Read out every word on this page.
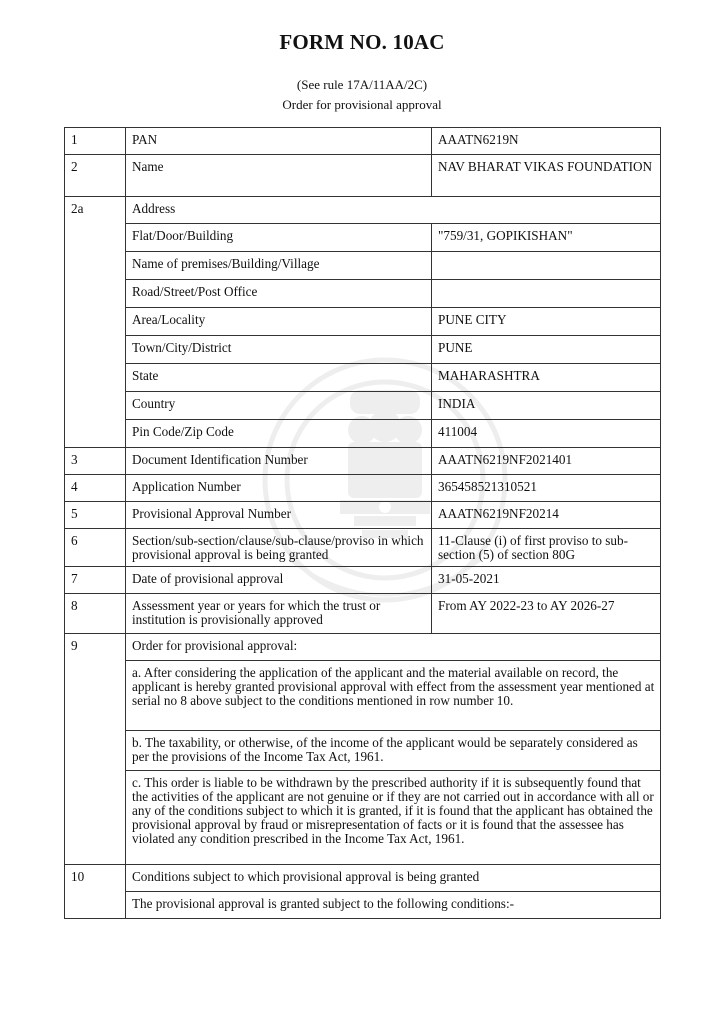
FORM NO. 10AC
(See rule 17A/11AA/2C)
Order for provisional approval
1	PAN	AAATN6219N
2	Name	NAV BHARAT VIKAS FOUNDATION
2a	Address	
	Flat/Door/Building	"759/31, GOPIKISHAN"
	Name of premises/Building/Village	
	Road/Street/Post Office	
	Area/Locality	PUNE CITY
	Town/City/District	PUNE
	State	MAHARASHTRA
	Country	INDIA
	Pin Code/Zip Code	411004
3	Document Identification Number	AAATN6219NF2021401
4	Application Number	365458521310521
5	Provisional Approval Number	AAATN6219NF20214
6	Section/sub-section/clause/sub-clause/proviso in which provisional approval is being granted	11-Clause (i) of first proviso to sub-section (5) of section 80G
7	Date of provisional approval	31-05-2021
8	Assessment year or years for which the trust or institution is provisionally approved	From AY 2022-23 to AY 2026-27
9	Order for provisional approval:	
	a. After considering the application of the applicant and the material available on record, the applicant is hereby granted provisional approval with effect from the assessment year mentioned at serial no 8 above subject to the conditions mentioned in row number 10.	
	b. The taxability, or otherwise, of the income of the applicant would be separately considered as per the provisions of the Income Tax Act, 1961.	
	c. This order is liable to be withdrawn by the prescribed authority if it is subsequently found that the activities of the applicant are not genuine or if they are not carried out in accordance with all or any of the conditions subject to which it is granted, if it is found that the applicant has obtained the provisional approval by fraud or misrepresentation of facts or it is found that the assessee has violated any condition prescribed in the Income Tax Act, 1961.	
10	Conditions subject to which provisional approval is being granted	
	The provisional approval is granted subject to the following conditions:-	
